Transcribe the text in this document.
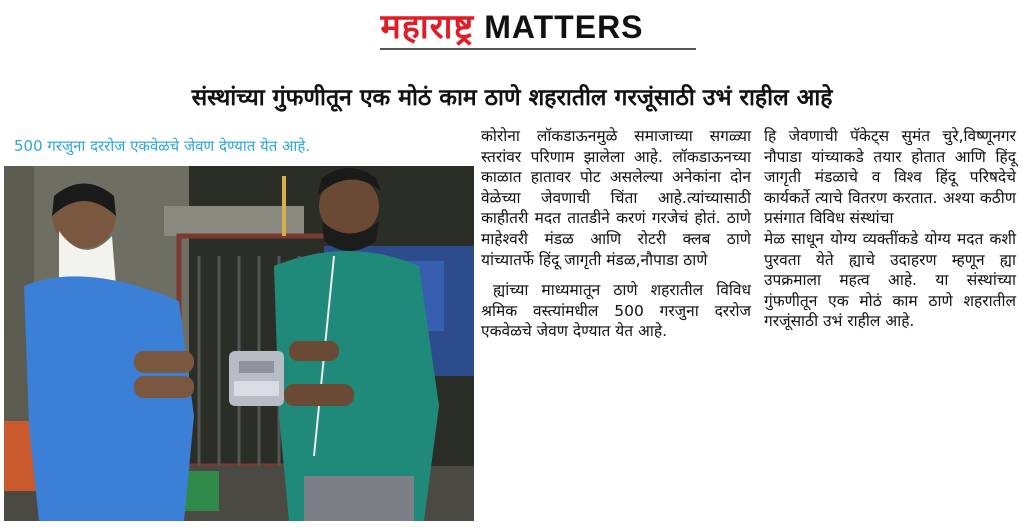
महाराष्ट्र MATTERS
संस्थांच्या गुंफणीतून एक मोठं काम ठाणे शहरातील गरजूंसाठी उभं राहील आहे
500 गरजुना दररोज एकवेळचे जेवण देण्यात येत आहे.

कोरोना लॉकडाऊनमुळे समाजाच्या सगळ्या स्तरांवर परिणाम झालेला आहे. लॉकडाऊनच्या काळात हातावर पोट असलेल्या अनेकांना दोन वेळेच्या जेवणाची चिंता आहे.त्यांच्यासाठी काहीतरी मदत तातडीने करणं गरजेचं होतं. ठाणे माहेश्वरी मंडळ आणि रोटरी क्लब ठाणे यांच्यातर्फे हिंदू जागृती मंडळ,नौपाडा ठाणे

ह्यांच्या माध्यमातून ठाणे शहरातील विविध श्रमिक वस्त्यांमधील 500 गरजुना दररोज एकवेळचे जेवण देण्यात येत आहे.

हि जेवणाची पॅकेट्स सुमंत चुरे,विष्णूनगर नौपाडा यांच्याकडे तयार होतात आणि हिंदू जागृती मंडळाचे व विश्व हिंदू परिषदेचे कार्यकर्ते त्याचे वितरण करतात. अश्या कठीण प्रसंगात विविध संस्थांचा

मेळ साधून योग्य व्यक्तींकडे योग्य मदत कशी पुरवता येते ह्याचे उदाहरण म्हणून ह्या उपक्रमाला महत्व आहे. या संस्थांच्या गुंफणीतून एक मोठं काम ठाणे शहरातील गरजूंसाठी उभं राहील आहे.
